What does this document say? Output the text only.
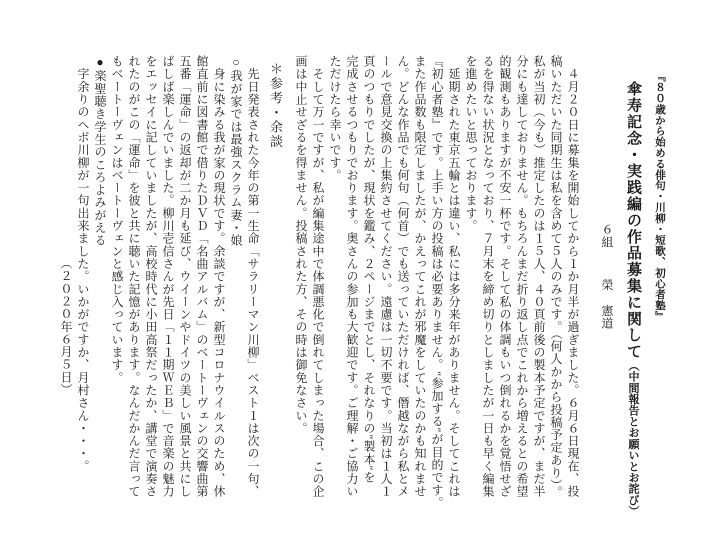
『８０歳から始める俳句・川柳・短歌、初心者塾』
傘寿記念・実践編の作品募集に関して（中間報告とお願いとお詫び）
６組榮　憲道
　４月２０日に募集を開始してから１か月半が過ぎました。６月６日現在、投
稿いただいた同期生は私を含めて５人のみです。（何人かから投稿予定あり）。
私が当初（今も）推定したのは１５人、４０頁前後の製本予定ですが、まだ半
分にも達しておりません。もちろんまだ折り返し点でこれから増えるとの希望
的観測もありますが不安一杯です。そして私の体調もいつ倒れるかを覚悟せざ
るを得ない状況となっており、７月末を締め切りとしましたが一日も早く編集
を進めたいと思っております。
　延期された東京五輪とは違い、私には多分来年がありません。そしてこれは
『初心者塾』です。上手い方の投稿は必要ありません。″参加する″が目的です。
また作品数も限定しましたが、かえってこれが邪魔をしていたのかも知れませ
ん。どんな作品でも何句（何首）でも送っていただければ、僭越ながら私とメ
ールで意見交換の上集約させてください。遠慮は一切不要です。当初は１人１
頁のつもりでしたが、現状を鑑み、２ページまでとし、それなりの″製本″を
完成させるつもりでおります。奥さんの参加も大歓迎です。ご理解・ご協力い
ただけたら幸いです。
　そして万一ですが、私が編集途中で体調悪化で倒れてしまった場合、この企
画は中止せざるを得ません。投稿された方、その時は御免なさい。
＊参考・余談
　先日発表された今年の第一生命「サラリーマン川柳」ベスト１は次の一句、
○我が家では最強スクラム妻・娘
　身に染みる我が家の現状です。余談ですが、新型コロナウイルスのため、休
館直前に図書館で借りたＤＶＤ「名曲アルバム」のベートーヴェンの交響曲第
五番「運命」の返却が二か月も延び、ウイーンやドイツの美しい風景と共にし
ばしば楽しんでいました。柳川壱信さんが先日「１１期ＷＥＢ」で音楽の魅力
をエッセイに記していましたが、高校時代に小田高祭だったか、講堂で演奏さ
れたのがこの「運命」を彼と共に聴いた記憶があります。なんだかんだ言って
もベートーヴェンはベートーヴェンと感じ入っています。
●楽聖聴き学生のころよみがえる
　字余りのヘボ川柳が一句出来ました。いかがですか、月村さん・・・。
（２０２０年６月５日）
